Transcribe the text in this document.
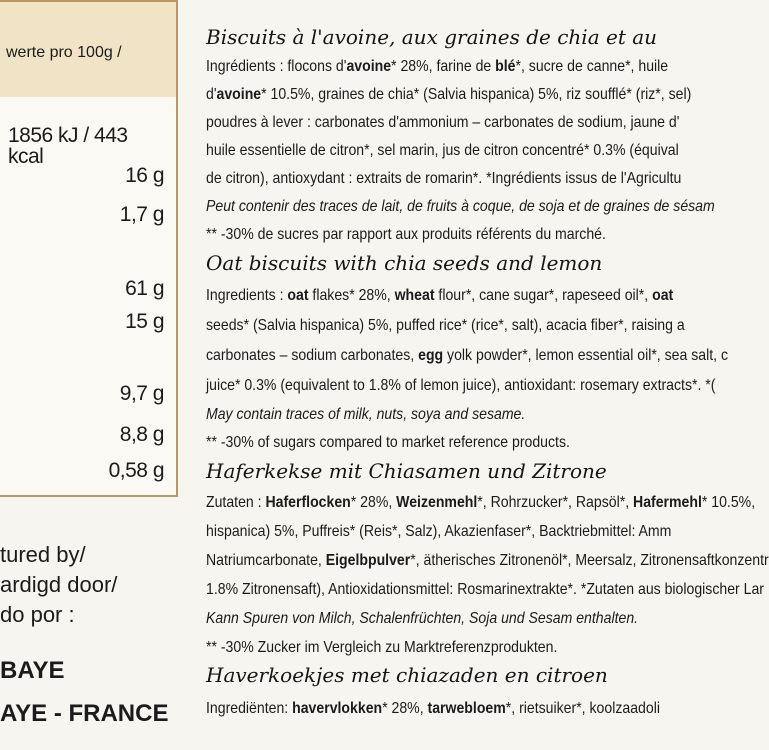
werte pro 100g /
1856 kJ / 443 kcal
16 g
1,7 g
61 g
15 g
9,7 g
8,8 g
0,58 g
tured by/
ardigd door/
do por :
BAYE
AYE - FRANCE
Biscuits à l'avoine, aux graines de chia et au
Ingrédients : flocons d'avoine* 28%, farine de blé*, sucre de canne*, huile
d'avoine* 10.5%, graines de chia* (Salvia hispanica) 5%, riz soufflé* (riz*, sel)
poudres à lever : carbonates d'ammonium – carbonates de sodium, jaune d'
huile essentielle de citron*, sel marin, jus de citron concentré* 0.3% (équival
de citron), antioxydant : extraits de romarin*. *Ingrédients issus de l'Agricultu
Peut contenir des traces de lait, de fruits à coque, de soja et de graines de sésam
** -30% de sucres par rapport aux produits référents du marché.
Oat biscuits with chia seeds and lemon
Ingredients : oat flakes* 28%, wheat flour*, cane sugar*, rapeseed oil*, oat
seeds* (Salvia hispanica) 5%, puffed rice* (rice*, salt), acacia fiber*, raising a
carbonates – sodium carbonates, egg yolk powder*, lemon essential oil*, sea salt, c
juice* 0.3% (equivalent to 1.8% of lemon juice), antioxidant: rosemary extracts*. *(
May contain traces of milk, nuts, soya and sesame.
** -30% of sugars compared to market reference products.
Haferkekse mit Chiasamen und Zitrone
Zutaten : Haferflocken* 28%, Weizenmehl*, Rohrzucker*, Rapsöl*, Hafermehl* 10.5%,
hispanica) 5%, Puffreis* (Reis*, Salz), Akazienfaser*, Backtriebmittel: Amm
Natriumcarbonate, Eigelbpulver*, ätherisches Zitronenöl*, Meersalz, Zitronensaftkonzentr
1.8% Zitronensaft), Antioxidationsmittel: Rosmarinextrakte*. *Zutaten aus biologischer Lar
Kann Spuren von Milch, Schalenfrüchten, Soja und Sesam enthalten.
** -30% Zucker im Vergleich zu Marktreferenzprodukten.
Haverkoekjes met chiazaden en citroen
Ingrediënten: havervlokken* 28%, tarwebloem*, rietsuiker*, koolzaadoli
